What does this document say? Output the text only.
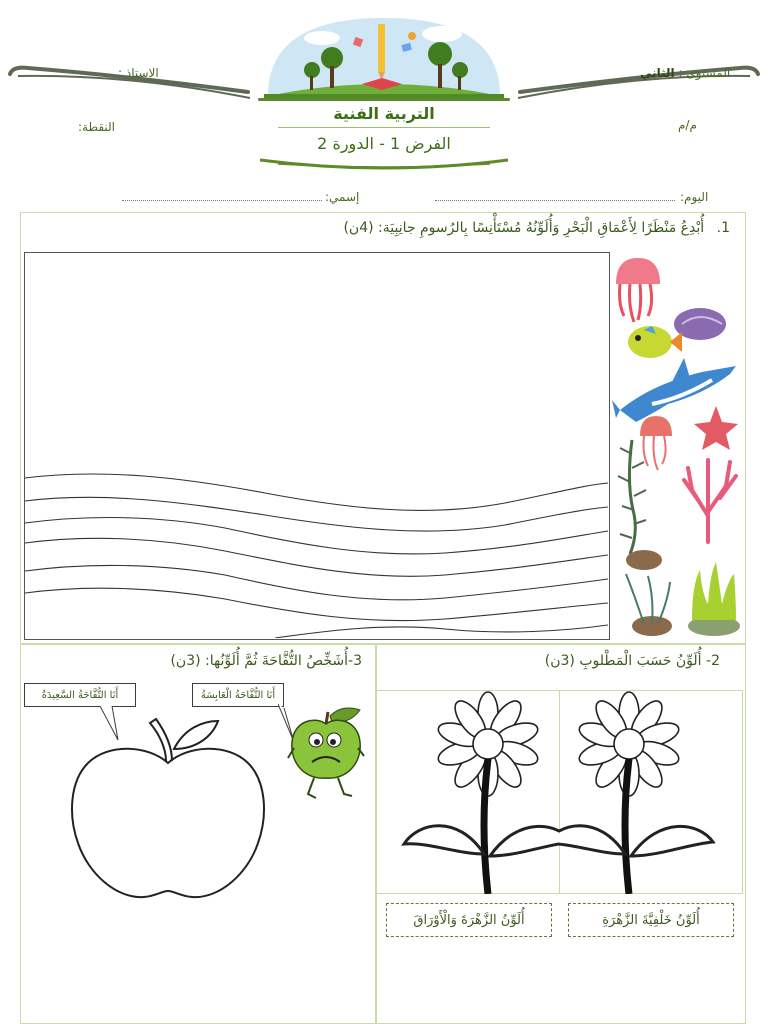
الاستاذ :	المستوى : الثاني
م/م
النقطة:
التربية الفنية
الفرض 1 - الدورة 2
اليوم:
إسمي:
1. أُبْدِعُ مَنْظَرًا لِأَعْمَاقِ الْبَحْرِ وَأُلَوِّنُهُ مُسْتَأْنِسًا بِالرُسومِ جانِبِيَة: (4ن)
3-أُشَخِّصُ التُّفَّاحَةَ ثُمَّ أُلَوِّنُها: (3ن)
أَنَا التُّفَّاحَةُ السَّعِيدَةُ	أَنَا التُّفَّاحَةُ الْعَابِسَةُ
2- أُلَوِّنُ حَسَبَ الْمَطْلوبِ (3ن)
أُلَوِّنُ خَلْفِيَّةَ الزَّهْرَةِ
أُلَوِّنُ الزَّهْرَةَ وَالْأَوْرَاقَ
